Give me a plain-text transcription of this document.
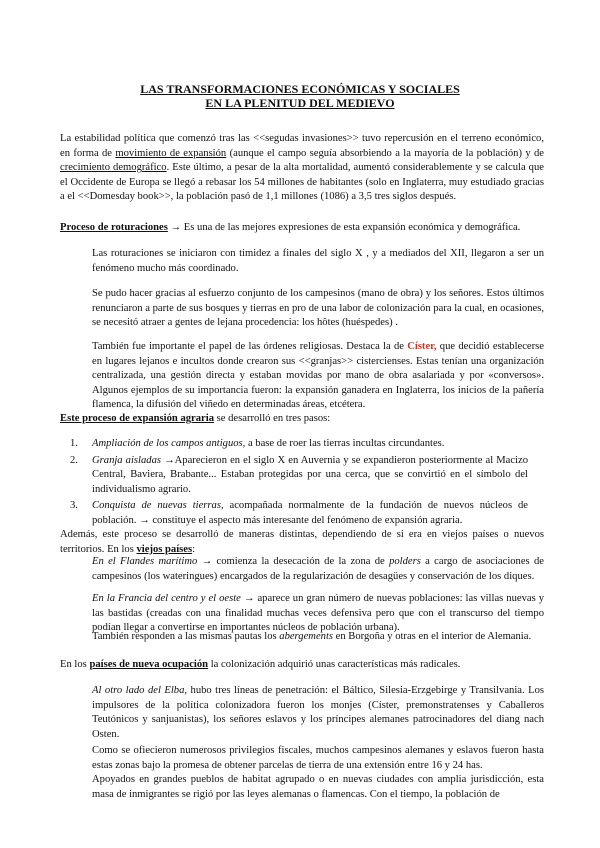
LAS TRANSFORMACIONES ECONÓMICAS Y SOCIALES
EN LA PLENITUD DEL MEDIEVO

La estabilidad política que comenzó tras las <<segudas invasiones>> tuvo repercusión en el terreno económico, en forma de movimiento de expansión (aunque el campo seguía absorbiendo a la mayoría de la población) y de crecimiento demográfico. Este último, a pesar de la alta mortalidad, aumentó considerablemente y se calcula que el Occidente de Europa se llegó a rebasar los 54 millones de habitantes (solo en Inglaterra, muy estudiado gracias a el <<Domesday book>>, la población pasó de 1,1 millones (1086) a 3,5 tres siglos después.

Proceso de roturaciones → Es una de las mejores expresiones de esta expansión económica y demográfica.

Las roturaciones se iniciaron con timidez a finales del siglo X , y a mediados del XII, llegaron a ser un fenómeno mucho más coordinado.

Se pudo hacer gracias al esfuerzo conjunto de los campesinos (mano de obra) y los señores. Estos últimos renunciaron a parte de sus bosques y tierras en pro de una labor de colonización para la cual, en ocasiones, se necesitó atraer a gentes de lejana procedencia: los hôtes (huéspedes) .

También fue importante el papel de las órdenes religiosas. Destaca la de Císter, que decidió establecerse en lugares lejanos e incultos donde crearon sus <<granjas>> cistercienses. Estas tenían una organización centralizada, una gestión directa y estaban movidas por mano de obra asalariada y por «conversos». Algunos ejemplos de su importancia fueron: la expansión ganadera en Inglaterra, los inicios de la pañería flamenca, la difusión del viñedo en determinadas áreas, etcétera.

Este proceso de expansión agraria se desarrolló en tres pasos:

1. Ampliación de los campos antiguos, a base de roer las tierras incultas circundantes.
2. Granja aisladas →Aparecieron en el siglo X en Auvernia y se expandieron posteriormente al Macizo Central, Baviera, Brabante... Estaban protegidas por una cerca, que se convirtió en el símbolo del individualismo agrario.
3. Conquista de nuevas tierras, acompañada normalmente de la fundación de nuevos núcleos de población. → constituye el aspecto más interesante del fenómeno de expansión agraria.

Además, este proceso se desarrolló de maneras distintas, dependiendo de si era en viejos países o nuevos territorios. En los viejos países:

En el Flandes marítimo → comienza la desecación de la zona de polders a cargo de asociaciones de campesinos (los wateringues) encargados de la regularización de desagües y conservación de los diques.

En la Francia del centro y el oeste → aparece un gran número de nuevas poblaciones: las villas nuevas y las bastidas (creadas con una finalidad muchas veces defensiva pero que con el transcurso del tiempo podían llegar a convertirse en importantes núcleos de población urbana).

También responden a las mismas pautas los abergements en Borgoña y otras en el interior de Alemania.

En los países de nueva ocupación la colonización adquirió unas características más radicales.

Al otro lado del Elba, hubo tres líneas de penetración: el Báltico, Silesia-Erzgebirge y Transilvania. Los impulsores de la política colonizadora fueron los monjes (Císter, premonstratenses y Caballeros Teutónicos y sanjuanistas), los señores eslavos y los príncipes alemanes patrocinadores del diang nach Osten.

Como se ofiecieron numerosos privilegios fiscales, muchos campesinos alemanes y eslavos fueron hasta estas zonas bajo la promesa de obtener parcelas de tierra de una extensión entre 16 y 24 has.

Apoyados en grandes pueblos de habitat agrupado o en nuevas ciudades con amplia jurisdicción, esta masa de inmigrantes se rigió por las leyes alemanas o flamencas. Con el tiempo, la población de
